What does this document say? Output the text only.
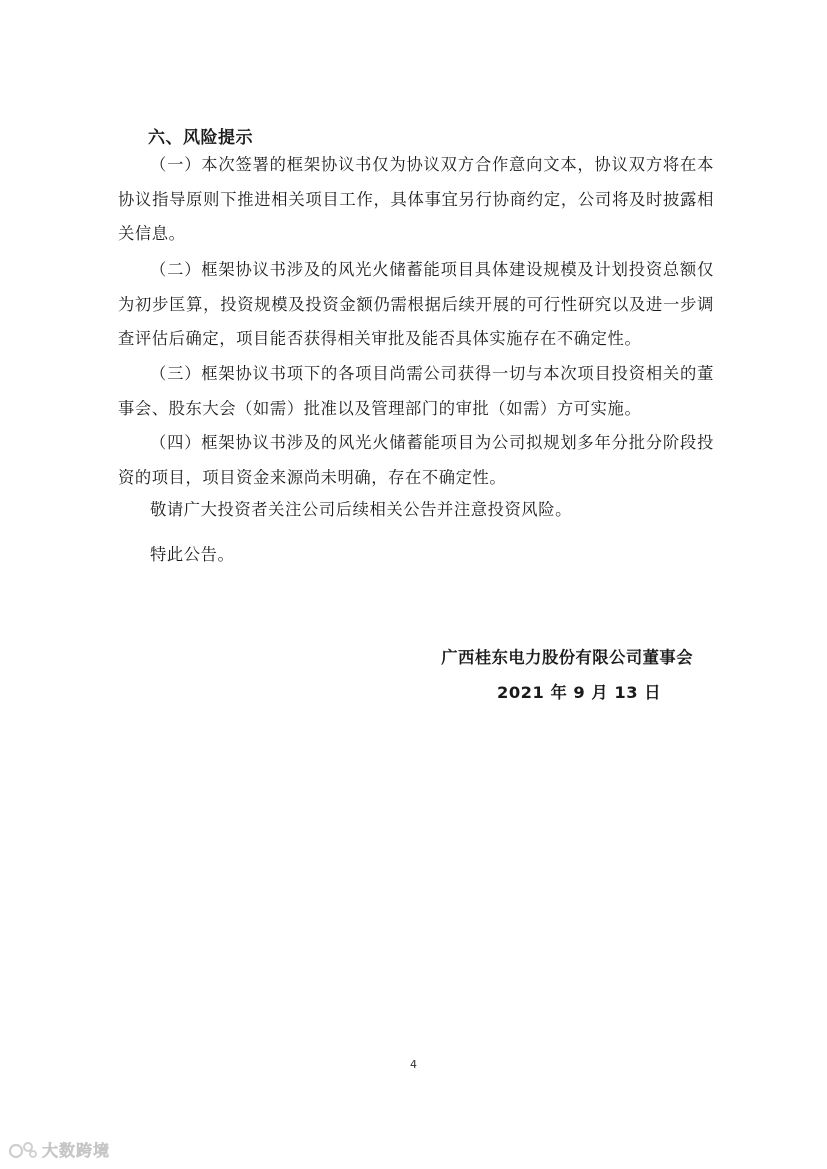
六、风险提示

（一）本次签署的框架协议书仅为协议双方合作意向文本，协议双方将在本协议指导原则下推进相关项目工作，具体事宜另行协商约定，公司将及时披露相关信息。

（二）框架协议书涉及的风光火储蓄能项目具体建设规模及计划投资总额仅为初步匡算，投资规模及投资金额仍需根据后续开展的可行性研究以及进一步调查评估后确定，项目能否获得相关审批及能否具体实施存在不确定性。

（三）框架协议书项下的各项目尚需公司获得一切与本次项目投资相关的董事会、股东大会（如需）批准以及管理部门的审批（如需）方可实施。

（四）框架协议书涉及的风光火储蓄能项目为公司拟规划多年分批分阶段投资的项目，项目资金来源尚未明确，存在不确定性。

敬请广大投资者关注公司后续相关公告并注意投资风险。

特此公告。

广西桂东电力股份有限公司董事会
2021 年 9 月 13 日
4
大数跨境
